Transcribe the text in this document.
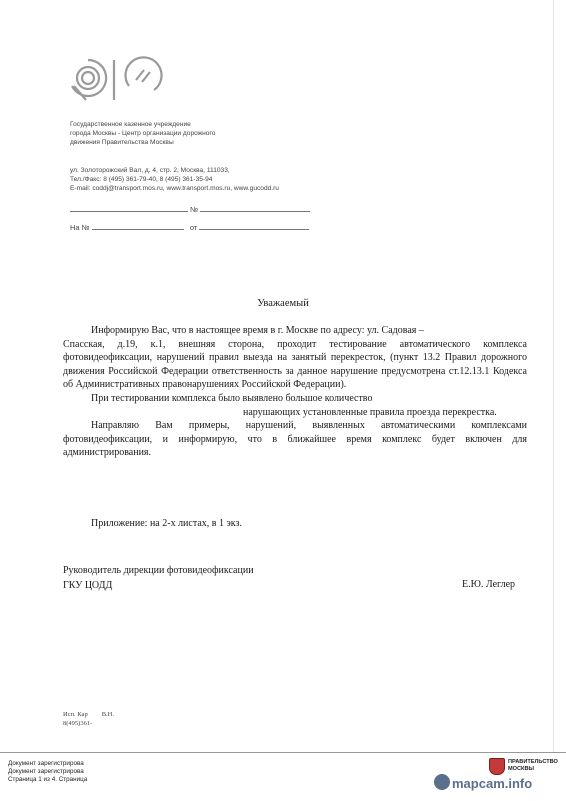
Государственное казенное учреждение
города Москвы - Центр организации дорожного
движения Правительства Москвы
ул. Золоторожский Вал, д. 4, стр. 2, Москва, 111033,
Тел./Факс: 8 (495) 361-79-40, 8 (495) 361-35-94
E-mail: coddj@transport.mos.ru, www.transport.mos.ru, www.gucodd.ru
№
На №	от
Уважаемый

Информирую Вас, что в настоящее время в г. Москве по адресу: ул. Садовая –

Спасская, д.19, к.1, внешняя сторона, проходит тестирование автоматического комплекса фотовидеофиксации, нарушений правил выезда на занятый перекресток, (пункт 13.2 Правил дорожного движения Российской Федерации ответственность за данное нарушение предусмотрена ст.12.13.1 Кодекса об Административных правонарушениях Российской Федерации).

При тестировании комплекса было выявлено большое количество

нарушающих установленные правила проезда перекрестка.

Направляю Вам примеры, нарушений, выявленных автоматическими комплексами фотовидеофиксации, и информирую, что в ближайшее время комплекс будет включен для администрирования.

Приложение: на 2-х листах, в 1 экз.
Руководитель дирекции фотовидеофиксации
ГКУ ЦОДД	Е.Ю. Леглер
Исп. Кар В.Н.
8(495)361-
Документ зарегистрирова
Документ зарегистрирова
Страница 1 из 4. Страница	mapcam.info
ПРАВИТЕЛЬСТВО
МОСКВЫ
